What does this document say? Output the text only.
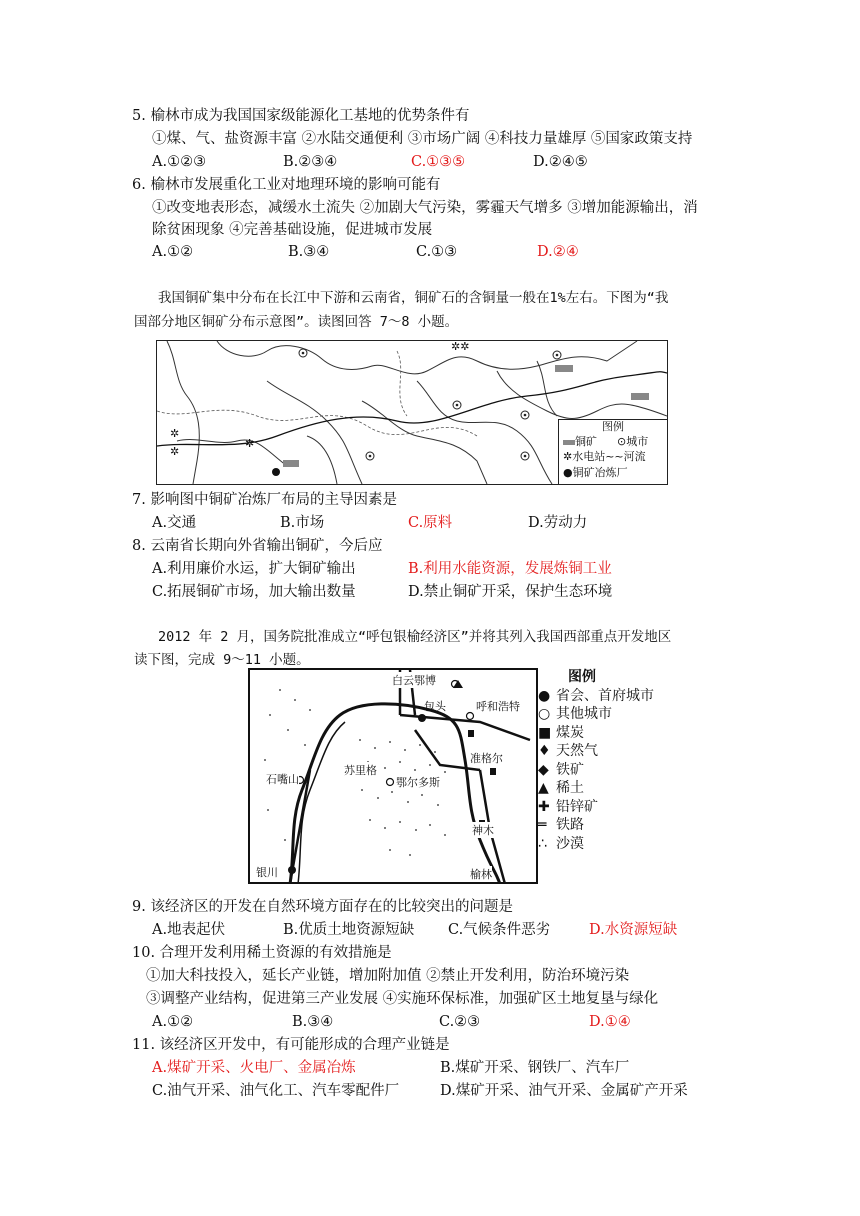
5. 榆林市成为我国国家级能源化工基地的优势条件有
①煤、气、盐资源丰富 ②水陆交通便利 ③市场广阔 ④科技力量雄厚 ⑤国家政策支持
A.①②③	B.②③④	C.①③⑤	D.②④⑤
6. 榆林市发展重化工业对地理环境的影响可能有
①改变地表形态，减缓水土流失 ②加剧大气污染，雾霾天气增多 ③增加能源输出，消
除贫困现象 ④完善基础设施，促进城市发展
A.①②	B.③④	C.①③	D.②④
我国铜矿集中分布在长江中下游和云南省，铜矿石的含铜量一般在1%左右。下图为“我
国部分地区铜矿分布示意图”。读图回答 7～8 小题。
✲✲
✲
✲
✲
图例
铜矿 ⊙城市
✲水电站~~河流
●铜矿冶炼厂
7. 影响图中铜矿冶炼厂布局的主导因素是
A.交通	B.市场	C.原料	D.劳动力
8. 云南省长期向外省输出铜矿，今后应
A.利用廉价水运，扩大铜矿输出	B.利用水能资源，发展炼铜工业
C.拓展铜矿市场，加大输出数量	D.禁止铜矿开采，保护生态环境
2012 年 2 月，国务院批准成立“呼包银榆经济区”并将其列入我国西部重点开发地区
读下图，完成 9～11 小题。
白云鄂博
包头	呼和浩特
石嘴山
苏里格
鄂尔多斯
准格尔
神木
银川	榆林
图例
● 省会、首府城市
○ 其他城市
■ 煤炭
♦ 天然气
◆ 铁矿
▲ 稀土
✚ 铅锌矿
═ 铁路
∴ 沙漠
9. 该经济区的开发在自然环境方面存在的比较突出的问题是
A.地表起伏	B.优质土地资源短缺 C.气候条件恶劣	D.水资源短缺
10. 合理开发利用稀土资源的有效措施是
①加大科技投入，延长产业链，增加附加值 ②禁止开发利用，防治环境污染
③调整产业结构，促进第三产业发展 ④实施环保标准，加强矿区土地复垦与绿化
A.①②	B.③④	C.②③	D.①④
11. 该经济区开发中，有可能形成的合理产业链是
A.煤矿开采、火电厂、金属冶炼	B.煤矿开采、钢铁厂、汽车厂
C.油气开采、油气化工、汽车零配件厂	D.煤矿开采、油气开采、金属矿产开采
